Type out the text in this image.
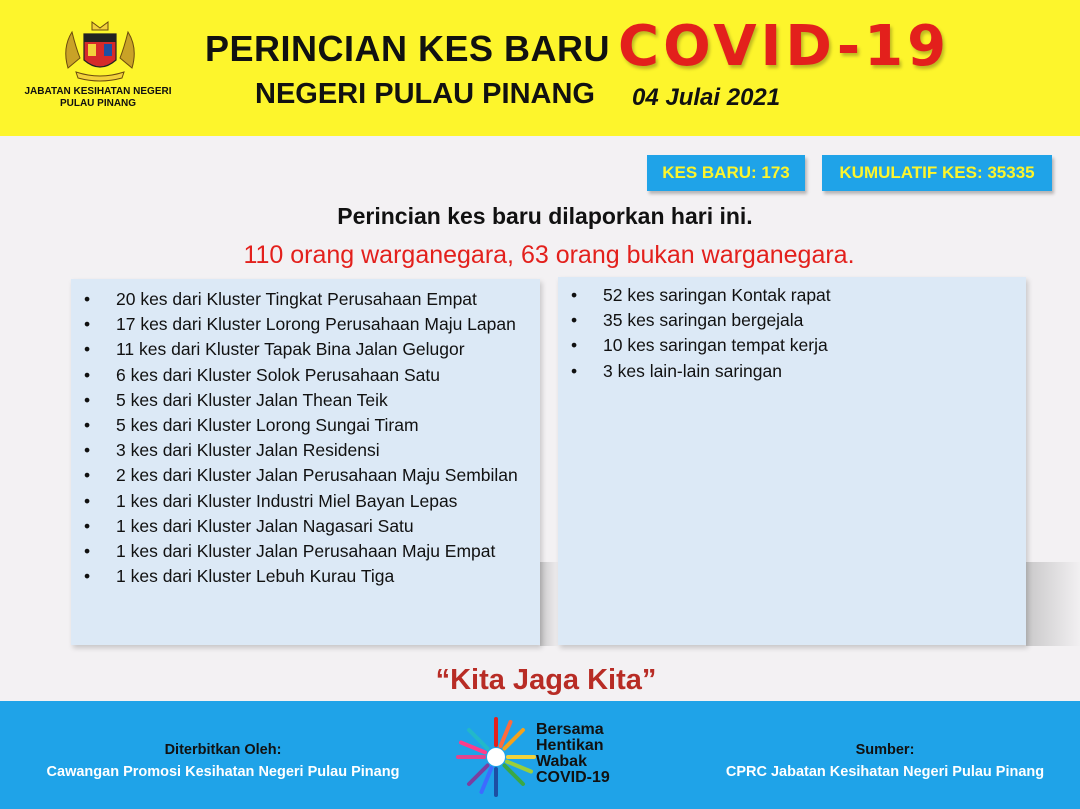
JABATAN KESIHATAN NEGERI PULAU PINANG
PERINCIAN KES BARU COVID-19
NEGERI PULAU PINANG 04 Julai 2021
KES BARU: 173	KUMULATIF KES: 35335
Perincian kes baru dilaporkan hari ini.
110 orang warganegara, 63 orang bukan warganegara.
• 20 kes dari Kluster Tingkat Perusahaan Empat
• 17 kes dari Kluster Lorong Perusahaan Maju Lapan
• 11 kes dari Kluster Tapak Bina Jalan Gelugor
• 6 kes dari Kluster Solok Perusahaan Satu
• 5 kes dari Kluster Jalan Thean Teik
• 5 kes dari Kluster Lorong Sungai Tiram
• 3 kes dari Kluster Jalan Residensi
• 2 kes dari Kluster Jalan Perusahaan Maju Sembilan
• 1 kes dari Kluster Industri Miel Bayan Lepas
• 1 kes dari Kluster Jalan Nagasari Satu
• 1 kes dari Kluster Jalan Perusahaan Maju Empat
• 1 kes dari Kluster Lebuh Kurau Tiga
• 52 kes saringan Kontak rapat
• 35 kes saringan bergejala
• 10 kes saringan tempat kerja
• 3 kes lain-lain saringan
“Kita Jaga Kita”
Diterbitkan Oleh:
Cawangan Promosi Kesihatan Negeri Pulau Pinang
Bersama
Hentikan
Wabak
COVID-19
Sumber:
CPRC Jabatan Kesihatan Negeri Pulau Pinang
